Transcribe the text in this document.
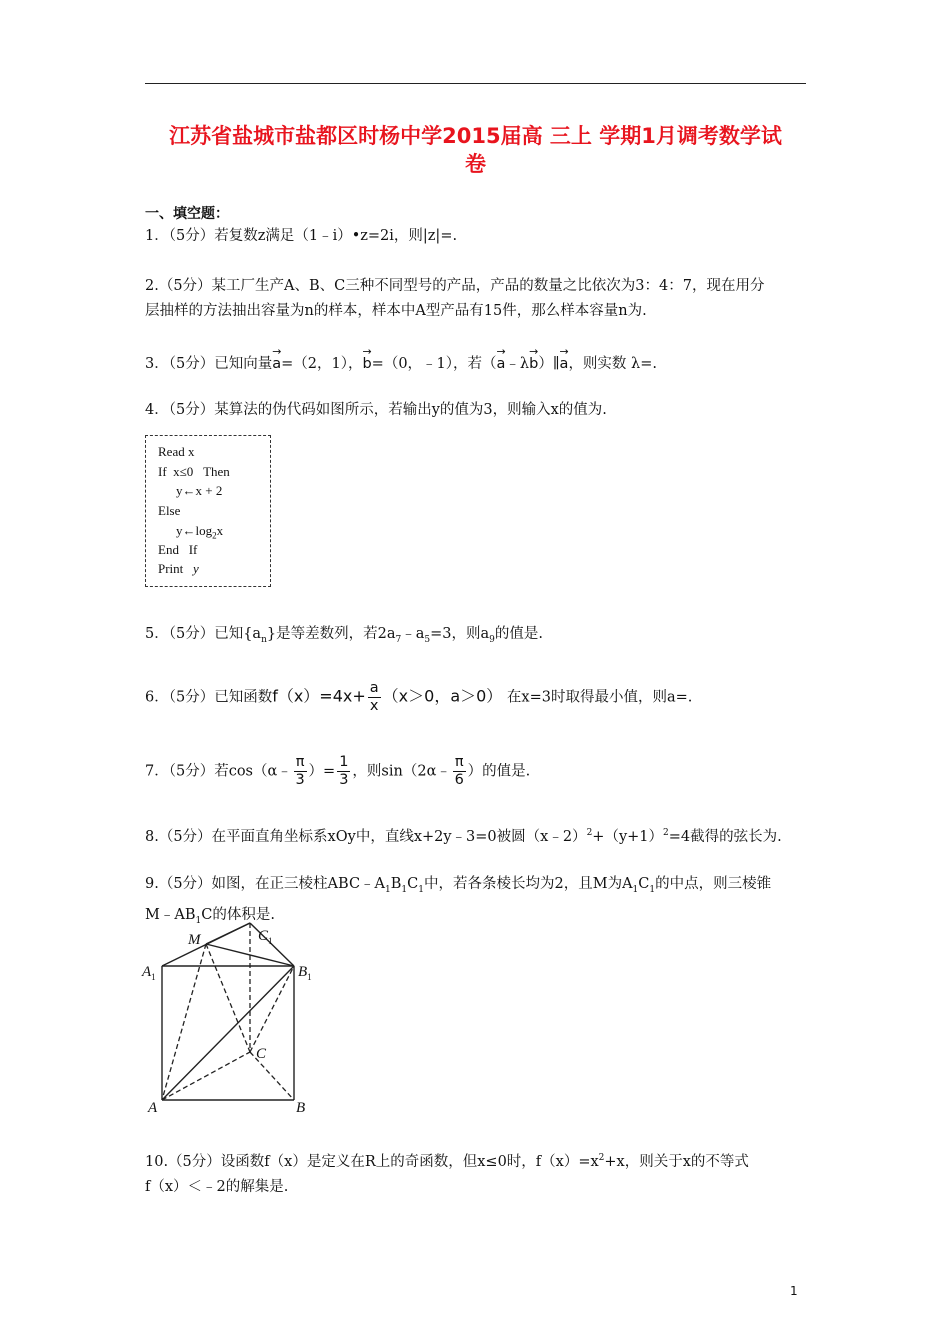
江苏省盐城市盐都区时杨中学2015届高 三上 学期1月调考数学试
卷
一、填空题：
1．（5分）若复数z满足（1﹣i）•z=2i，则|z|=.
2.（5分）某工厂生产A、B、C三种不同型号的产品，产品的数量之比依次为3：4：7，现在用分
层抽样的方法抽出容量为n的样本，样本中A型产品有15件，那么样本容量n为.
3．（5分）已知向量→ a=（2，1），→ b=（0，﹣1），若（→ a﹣λ→ b）∥→ a，则实数 λ=.
4．（5分）某算法的伪代码如图所示，若输出y的值为3，则输入x的值为.
Read x
If x≤0 Then
y←x + 2
Else
$y\leftarrow\log_2x$
End If
Print y
5．（5分）已知$\{a_n\}$是等差数列，若$2a_7﹣a_5=3$，则$a_9$的值是.
6．（5分）已知函数$f(x)=4x+ \frac{a}{x} (x>0$，a＞0） 在x=3时取得最小值，则a=.
7．（5分）若cos（α﹣ $\frac{\pi}{3}$ ）= $\frac{1}{3}$ ，则sin（2α﹣ $\frac{\pi}{6}$ ）的值是.
8.（5分）在平面直角坐标系xOy中，直线x+2y﹣3=0被圆$(x﹣2)^2+(y+1)^2=4$截得的弦长为.
9.（5分）如图，在正三棱柱$ABC﹣A_1B_1C_1$中，若各条棱长均为2，且M为$A_1C_1$的中点，则三棱锥
$M﹣AB_1C$的体积是.
M	$C_1$
$A_1$	$B_1$
C
A	B
10.（5分）设函数f（x）是定义在R上的奇函数，但x≤0时，$f(x)=x^2+x$，则关于x的不等式
f（x）＜﹣2的解集是.
1
